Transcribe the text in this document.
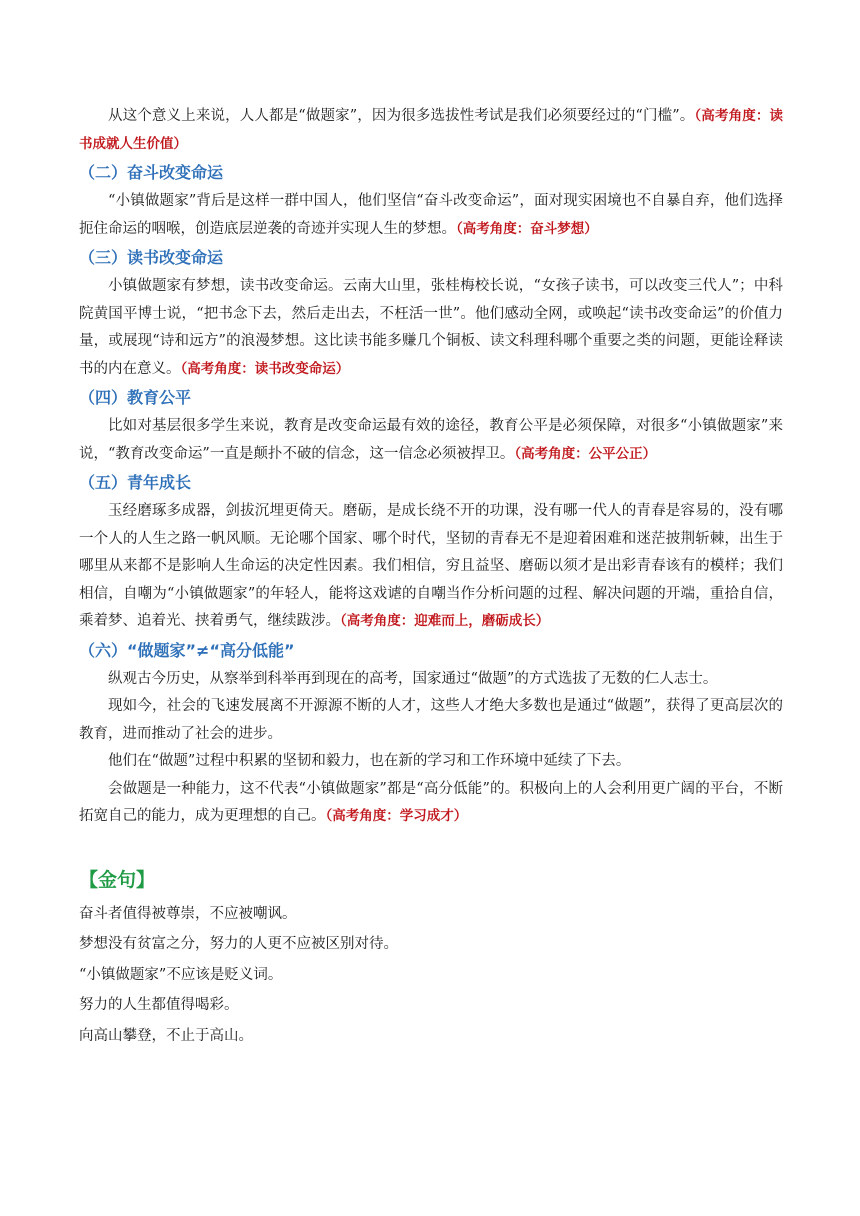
从这个意义上来说，人人都是“做题家”，因为很多选拔性考试是我们必须要经过的“门槛”。（高考角度：读书成就人生价值）

（二）奋斗改变命运

“小镇做题家”背后是这样一群中国人，他们坚信“奋斗改变命运”，面对现实困境也不自暴自弃，他们选择扼住命运的咽喉，创造底层逆袭的奇迹并实现人生的梦想。（高考角度：奋斗梦想）

（三）读书改变命运

小镇做题家有梦想，读书改变命运。云南大山里，张桂梅校长说，“女孩子读书，可以改变三代人”；中科院黄国平博士说，“把书念下去，然后走出去，不枉活一世”。他们感动全网，或唤起“读书改变命运”的价值力量，或展现“诗和远方”的浪漫梦想。这比读书能多赚几个铜板、读文科理科哪个重要之类的问题，更能诠释读书的内在意义。（高考角度：读书改变命运）

（四）教育公平

比如对基层很多学生来说，教育是改变命运最有效的途径，教育公平是必须保障，对很多“小镇做题家”来说，“教育改变命运”一直是颠扑不破的信念，这一信念必须被捍卫。（高考角度：公平公正）

（五）青年成长

玉经磨琢多成器，剑拔沉埋更倚天。磨砺，是成长绕不开的功课，没有哪一代人的青春是容易的，没有哪一个人的人生之路一帆风顺。无论哪个国家、哪个时代，坚韧的青春无不是迎着困难和迷茫披荆斩棘，出生于哪里从来都不是影响人生命运的决定性因素。我们相信，穷且益坚、磨砺以须才是出彩青春该有的模样；我们相信，自嘲为“小镇做题家”的年轻人，能将这戏谑的自嘲当作分析问题的过程、解决问题的开端，重拾自信，乘着梦、追着光、挟着勇气，继续跋涉。（高考角度：迎难而上，磨砺成长）

（六）“做题家”≠“高分低能”

纵观古今历史，从察举到科举再到现在的高考，国家通过“做题”的方式选拔了无数的仁人志士。

现如今，社会的飞速发展离不开源源不断的人才，这些人才绝大多数也是通过“做题”，获得了更高层次的教育，进而推动了社会的进步。

他们在“做题”过程中积累的坚韧和毅力，也在新的学习和工作环境中延续了下去。

会做题是一种能力，这不代表“小镇做题家”都是“高分低能”的。积极向上的人会利用更广阔的平台，不断拓宽自己的能力，成为更理想的自己。（高考角度：学习成才）

【金句】
奋斗者值得被尊崇，不应被嘲讽。
梦想没有贫富之分，努力的人更不应被区别对待。
“小镇做题家”不应该是贬义词。
努力的人生都值得喝彩。
向高山攀登，不止于高山。
